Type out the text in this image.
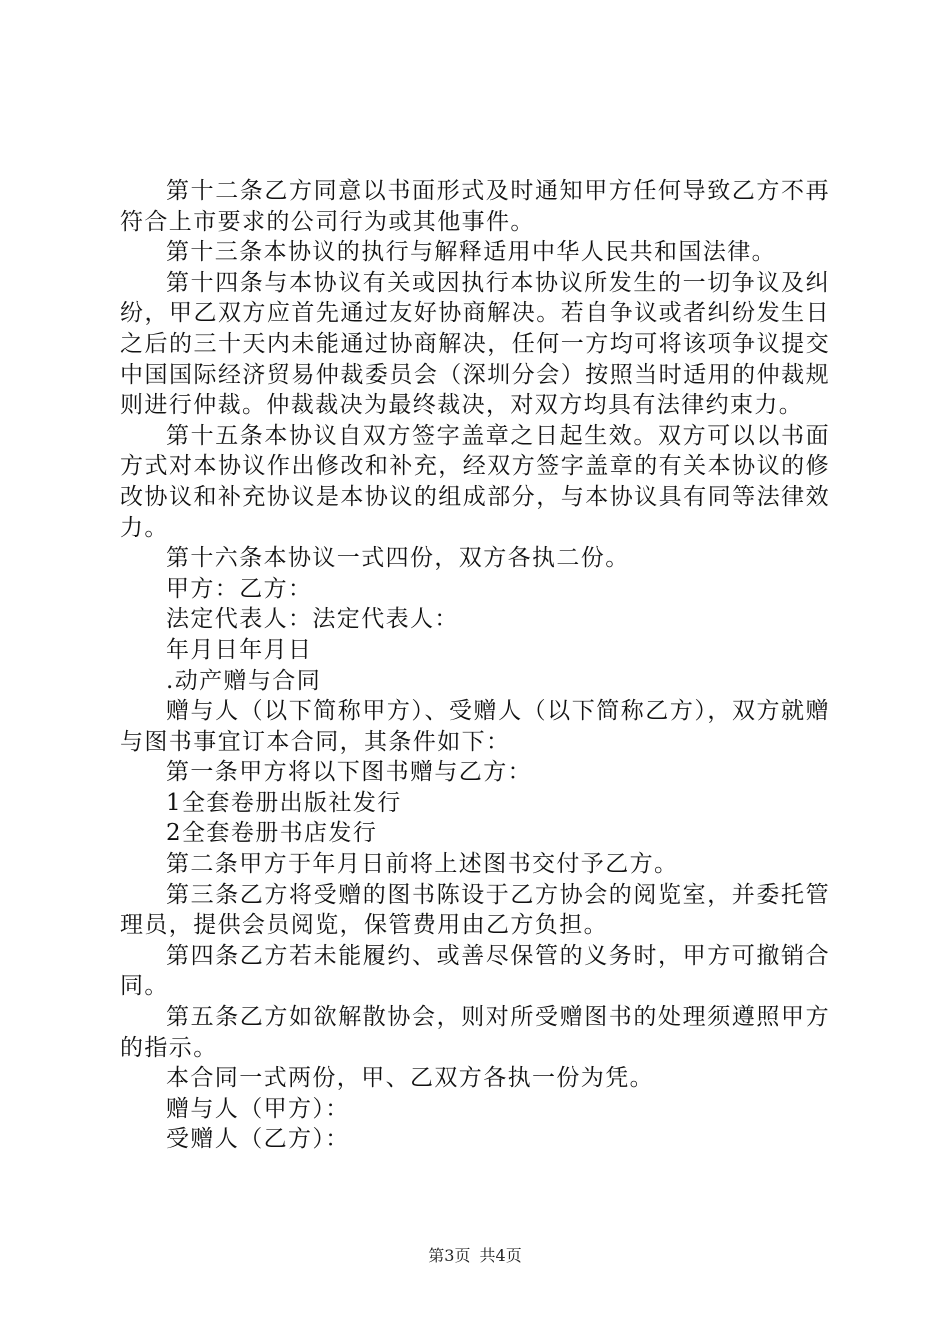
第十二条乙方同意以书面形式及时通知甲方任何导致乙方不再符合上市要求的公司行为或其他事件。

第十三条本协议的执行与解释适用中华人民共和国法律。

第十四条与本协议有关或因执行本协议所发生的一切争议及纠纷，甲乙双方应首先通过友好协商解决。若自争议或者纠纷发生日之后的三十天内未能通过协商解决，任何一方均可将该项争议提交中国国际经济贸易仲裁委员会（深圳分会）按照当时适用的仲裁规则进行仲裁。仲裁裁决为最终裁决，对双方均具有法律约束力。

第十五条本协议自双方签字盖章之日起生效。双方可以以书面方式对本协议作出修改和补充，经双方签字盖章的有关本协议的修改协议和补充协议是本协议的组成部分，与本协议具有同等法律效力。

第十六条本协议一式四份，双方各执二份。

甲方：乙方：

法定代表人：法定代表人：

年月日年月日

.动产赠与合同

赠与人（以下简称甲方）、受赠人（以下简称乙方），双方就赠与图书事宜订本合同，其条件如下：

第一条甲方将以下图书赠与乙方：

1全套卷册出版社发行

2全套卷册书店发行

第二条甲方于年月日前将上述图书交付予乙方。

第三条乙方将受赠的图书陈设于乙方协会的阅览室，并委托管理员，提供会员阅览，保管费用由乙方负担。

第四条乙方若未能履约、或善尽保管的义务时，甲方可撤销合同。

第五条乙方如欲解散协会，则对所受赠图书的处理须遵照甲方的指示。

本合同一式两份，甲、乙双方各执一份为凭。

赠与人（甲方）：

受赠人（乙方）：

第3页 共4页
